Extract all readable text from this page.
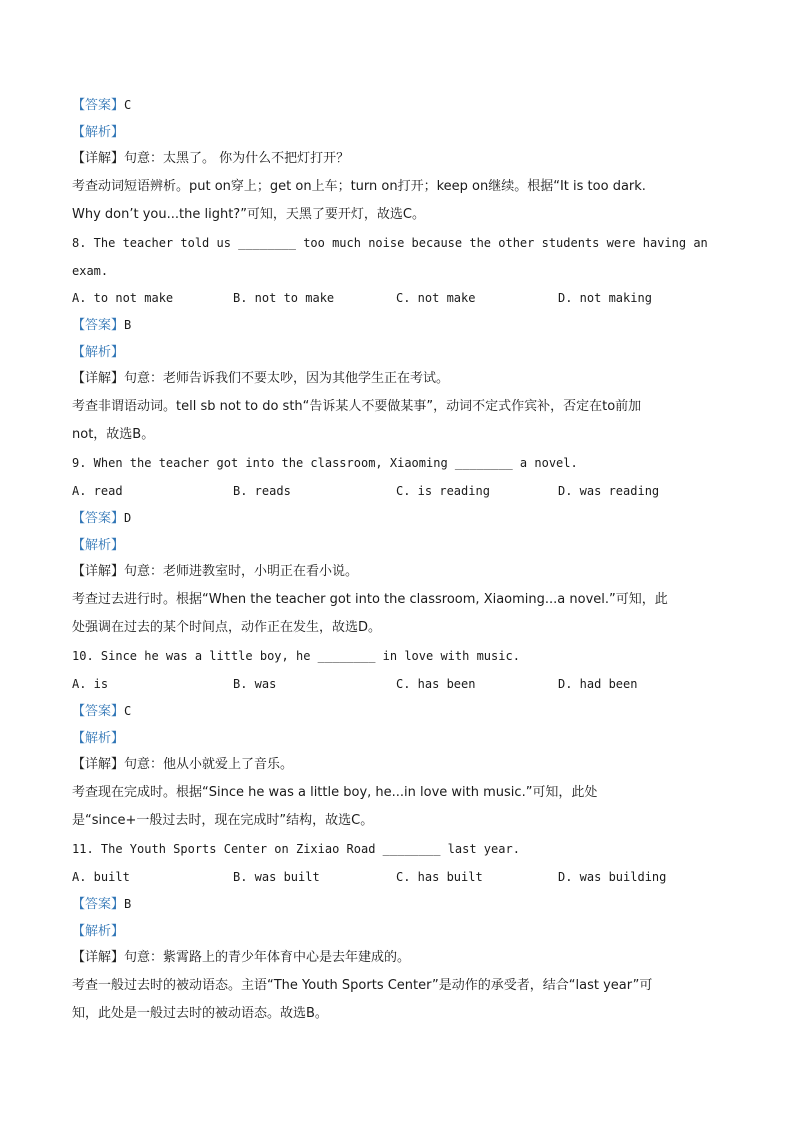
【答案】C
【解析】
【详解】句意：太黑了。 你为什么不把灯打开？
考查动词短语辨析。put on穿上；get on上车；turn on打开；keep on继续。根据“It is too dark.
Why don’t you...the light?”可知，天黑了要开灯，故选C。
8. The teacher told us ________ too much noise because the other students were having an
exam.

A. to not make

	B. not to make

	C. not make

	D. not making

【答案】B
【解析】
【详解】句意：老师告诉我们不要太吵，因为其他学生正在考试。
考查非谓语动词。tell sb not to do sth“告诉某人不要做某事”，动词不定式作宾补，否定在to前加
not，故选B。
9. When the teacher got into the classroom, Xiaoming ________ a novel.

A. read

	B. reads

	C. is reading

	D. was reading

【答案】D
【解析】
【详解】句意：老师进教室时，小明正在看小说。
考查过去进行时。根据“When the teacher got into the classroom, Xiaoming...a novel.”可知，此
处强调在过去的某个时间点，动作正在发生，故选D。
10. Since he was a little boy, he ________ in love with music.

A. is

	B. was

	C. has been

	D. had been

【答案】C
【解析】
【详解】句意：他从小就爱上了音乐。
考查现在完成时。根据“Since he was a little boy, he...in love with music.”可知，此处
是“since+一般过去时，现在完成时”结构，故选C。
11. The Youth Sports Center on Zixiao Road ________ last year.

A. built

	B. was built

	C. has built

	D. was building

【答案】B
【解析】
【详解】句意：紫霄路上的青少年体育中心是去年建成的。
考查一般过去时的被动语态。主语“The Youth Sports Center”是动作的承受者，结合“last year”可
知，此处是一般过去时的被动语态。故选B。
